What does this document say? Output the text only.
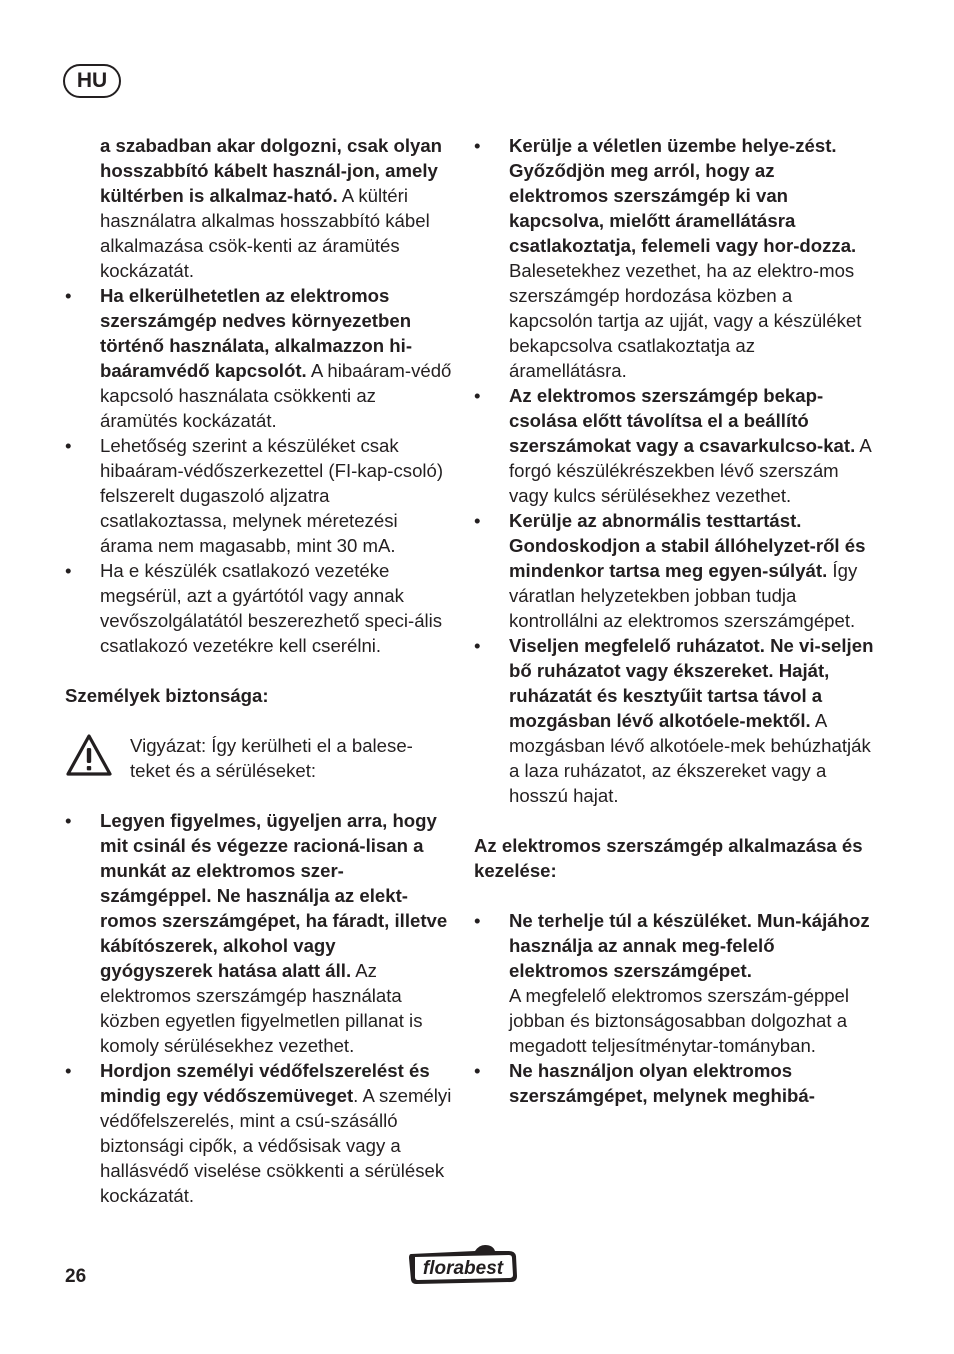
HU
a szabadban akar dolgozni, csak olyan hosszabbító kábelt használ-jon, amely kültérben is alkalmaz-ható. A kültéri használatra alkalmas hosszabbító kábel alkalmazása csök-kenti az áramütés kockázatát.
•	Ha elkerülhetetlen az elektromos szerszámgép nedves környezetben történő használata, alkalmazzon hi-baáramvédő kapcsolót. A hibaáram-védő kapcsoló használata csökkenti az áramütés kockázatát.
•	Lehetőség szerint a készüléket csak hibaáram-védőszerkezettel (FI-kap-csoló) felszerelt dugaszoló aljzatra csatlakoztassa, melynek méretezési árama nem magasabb, mint 30 mA.
•	Ha e készülék csatlakozó vezetéke megsérül, azt a gyártótól vagy annak vevőszolgálatától beszerezhető speci-ális csatlakozó vezetékre kell cserélni.
Személyek biztonsága:
Vigyázat: Így kerülheti el a balese-teket és a sérüléseket:
•	Legyen figyelmes, ügyeljen arra, hogy mit csinál és végezze racioná-lisan a munkát az elektromos szer-számgéppel. Ne használja az elekt-romos szerszámgépet, ha fáradt, illetve kábítószerek, alkohol vagy gyógyszerek hatása alatt áll. Az elektromos szerszámgép használata közben egyetlen figyelmetlen pillanat is komoly sérülésekhez vezethet.
•	Hordjon személyi védőfelszerelést és mindig egy védőszemüveget. A személyi védőfelszerelés, mint a csú-szásálló biztonsági cipők, a védősisak vagy a hallásvédő viselése csökkenti a sérülések kockázatát.
•	Kerülje a véletlen üzembe helye-zést. Győződjön meg arról, hogy az elektromos szerszámgép ki van kapcsolva, mielőtt áramellátásra csatlakoztatja, felemeli vagy hor-dozza.
Balesetekhez vezethet, ha az elektro-mos szerszámgép hordozása közben a kapcsolón tartja az ujját, vagy a készüléket bekapcsolva csatlakoztatja az áramellátásra.
•	Az elektromos szerszámgép bekap-csolása előtt távolítsa el a beállító szerszámokat vagy a csavarkulcso-kat. A forgó készülékrészekben lévő szerszám vagy kulcs sérülésekhez vezethet.
•	Kerülje az abnormális testtartást. Gondoskodjon a stabil állóhelyzet-ről és mindenkor tartsa meg egyen-súlyát. Így váratlan helyzetekben jobban tudja kontrollálni az elektromos szerszámgépet.
•	Viseljen megfelelő ruházatot. Ne vi-seljen bő ruházatot vagy ékszereket. Haját, ruházatát és kesztyűit tartsa távol a mozgásban lévő alkotóele-mektől. A mozgásban lévő alkotóele-mek behúzhatják a laza ruházatot, az ékszereket vagy a hosszú hajat.
Az elektromos szerszámgép alkalmazása és kezelése:
•	Ne terhelje túl a készüléket. Mun-kájához használja az annak meg-felelő elektromos szerszámgépet.
A megfelelő elektromos szerszám-géppel jobban és biztonságosabban dolgozhat a megadott teljesítménytar-tományban.
•	Ne használjon olyan elektromos szerszámgépet, melynek meghibá-
26	florabest
